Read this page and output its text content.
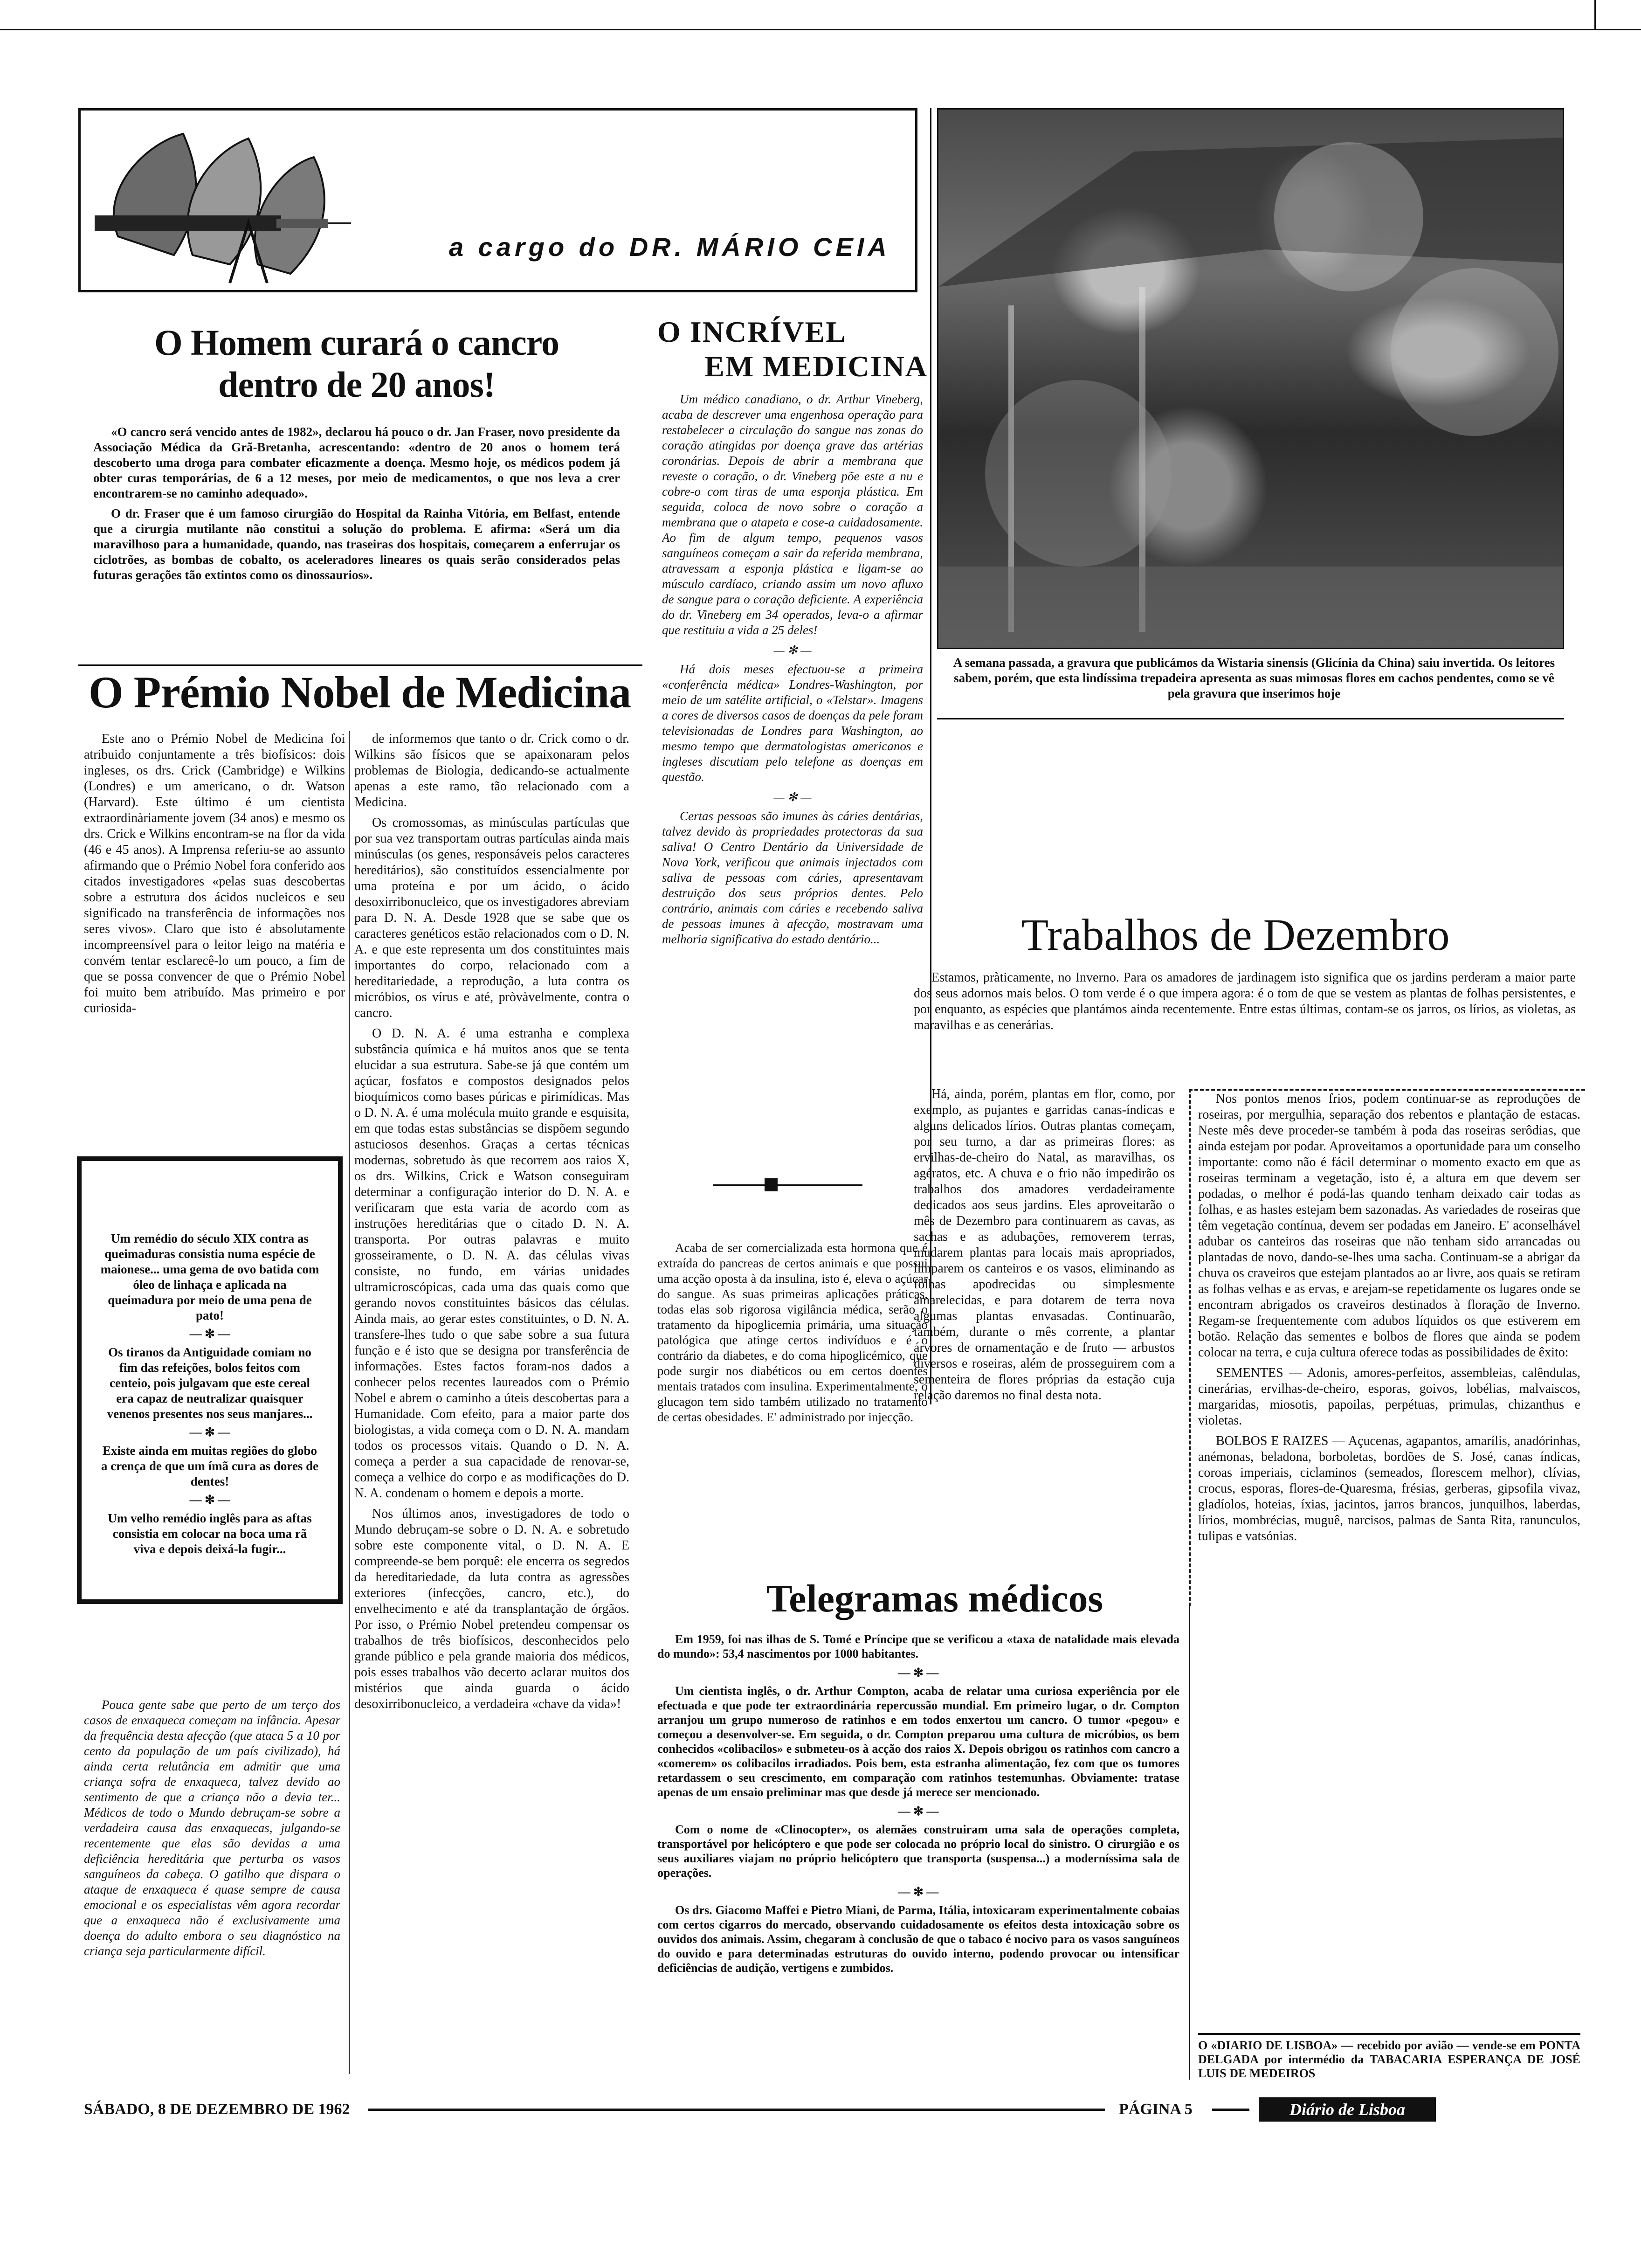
a cargo do DR. MÁRIO CEIA
O Homem curará o cancro
dentro de 20 anos!

«O cancro será vencido antes de 1982», declarou há pouco o dr. Jan Fraser, novo presidente da Associação Médica da Grã-Bretanha, acrescentando: «dentro de 20 anos o homem terá descoberto uma droga para combater eficazmente a doença. Mesmo hoje, os médicos podem já obter curas temporárias, de 6 a 12 meses, por meio de medicamentos, o que nos leva a crer encontrarem-se no caminho adequado».

O dr. Fraser que é um famoso cirurgião do Hospital da Rainha Vitória, em Belfast, entende que a cirurgia mutilante não constitui a solução do problema. E afirma: «Será um dia maravilhoso para a humanidade, quando, nas traseiras dos hospitais, começarem a enferrujar os ciclotrões, as bombas de cobalto, os aceleradores lineares os quais serão considerados pelas futuras gerações tão extintos como os dinossaurios».

O Prémio Nobel de Medicina

Este ano o Prémio Nobel de Medicina foi atribuido conjuntamente a três biofísicos: dois ingleses, os drs. Crick (Cambridge) e Wilkins (Londres) e um americano, o dr. Watson (Harvard). Este último é um cientista extraordinàriamente jovem (34 anos) e mesmo os drs. Crick e Wilkins encontram-se na flor da vida (46 e 45 anos). A Imprensa referiu-se ao assunto afirmando que o Prémio Nobel fora conferido aos citados investigadores «pelas suas descobertas sobre a estrutura dos ácidos nucleicos e seu significado na transferência de informações nos seres vivos». Claro que isto é absolutamente incompreensível para o leitor leigo na matéria e convém tentar esclarecê-lo um pouco, a fim de que se possa convencer de que o Prémio Nobel foi muito bem atribuído. Mas primeiro e por curiosida-

de informemos que tanto o dr. Crick como o dr. Wilkins são físicos que se apaixonaram pelos problemas de Biologia, dedicando-se actualmente apenas a este ramo, tão relacionado com a Medicina.

Os cromossomas, as minúsculas partículas que por sua vez transportam outras partículas ainda mais minúsculas (os genes, responsáveis pelos caracteres hereditários), são constituídos essencialmente por uma proteína e por um ácido, o ácido desoxirribonucleico, que os investigadores abreviam para D. N. A. Desde 1928 que se sabe que os caracteres genéticos estão relacionados com o D. N. A. e que este representa um dos constituintes mais importantes do corpo, relacionado com a hereditariedade, a reprodução, a luta contra os micróbios, os vírus e até, pròvàvelmente, contra o cancro.

O D. N. A. é uma estranha e complexa substância química e há muitos anos que se tenta elucidar a sua estrutura. Sabe-se já que contém um açúcar, fosfatos e compostos designados pelos bioquímicos como bases púricas e pirimídicas. Mas o D. N. A. é uma molécula muito grande e esquisita, em que todas estas substâncias se dispõem segundo astuciosos desenhos. Graças a certas técnicas modernas, sobretudo às que recorrem aos raios X, os drs. Wilkins, Crick e Watson conseguiram determinar a configuração interior do D. N. A. e verificaram que esta varia de acordo com as instruções hereditárias que o citado D. N. A. transporta. Por outras palavras e muito grosseiramente, o D. N. A. das células vivas consiste, no fundo, em várias unidades ultramicroscópicas, cada uma das quais como que gerando novos constituintes básicos das células. Ainda mais, ao gerar estes constituintes, o D. N. A. transfere-lhes tudo o que sabe sobre a sua futura função e é isto que se designa por transferência de informações. Estes factos foram-nos dados a conhecer pelos recentes laureados com o Prémio Nobel e abrem o caminho a úteis descobertas para a Humanidade. Com efeito, para a maior parte dos biologistas, a vida começa com o D. N. A. mandam todos os processos vitais. Quando o D. N. A. começa a perder a sua capacidade de renovar-se, começa a velhice do corpo e as modificações do D. N. A. condenam o homem e depois a morte.

Nos últimos anos, investigadores de todo o Mundo debruçam-se sobre o D. N. A. e sobretudo sobre este componente vital, o D. N. A. E compreende-se bem porquê: ele encerra os segredos da hereditariedade, da luta contra as agressões exteriores (infecções, cancro, etc.), do envelhecimento e até da transplantação de órgãos. Por isso, o Prémio Nobel pretendeu compensar os trabalhos de três biofísicos, desconhecidos pelo grande público e pela grande maioria dos médicos, pois esses trabalhos vão decerto aclarar muitos dos mistérios que ainda guarda o ácido desoxirribonucleico, a verdadeira «chave da vida»!

Um remédio do século XIX contra as queimaduras consistia numa espécie de maionese... uma gema de ovo batida com óleo de linhaça e aplicada na queimadura por meio de uma pena de pato!
— ✻ —
Os tiranos da Antiguidade comiam no fim das refeições, bolos feitos com centeio, pois julgavam que este cereal era capaz de neutralizar quaisquer venenos presentes nos seus manjares...
— ✻ —
Existe ainda em muitas regiões do globo a crença de que um ímã cura as dores de dentes!
— ✻ —
Um velho remédio inglês para as aftas consistia em colocar na boca uma rã viva e depois deixá-la fugir...

Pouca gente sabe que perto de um terço dos casos de enxaqueca começam na infância. Apesar da frequência desta afecção (que ataca 5 a 10 por cento da população de um país civilizado), há ainda certa relutância em admitir que uma criança sofra de enxaqueca, talvez devido ao sentimento de que a criança não a devia ter... Médicos de todo o Mundo debruçam-se sobre a verdadeira causa das enxaquecas, julgando-se recentemente que elas são devidas a uma deficiência hereditária que perturba os vasos sanguíneos da cabeça. O gatilho que dispara o ataque de enxaqueca é quase sempre de causa emocional e os especialistas vêm agora recordar que a enxaqueca não é exclusivamente uma doença do adulto embora o seu diagnóstico na criança seja particularmente difícil.

O INCRÍVEL
EM MEDICINA

Um médico canadiano, o dr. Arthur Vineberg, acaba de descrever uma engenhosa operação para restabelecer a circulação do sangue nas zonas do coração atingidas por doença grave das artérias coronárias. Depois de abrir a membrana que reveste o coração, o dr. Vineberg põe este a nu e cobre-o com tiras de uma esponja plástica. Em seguida, coloca de novo sobre o coração a membrana que o atapeta e cose-a cuidadosamente. Ao fim de algum tempo, pequenos vasos sanguíneos começam a sair da referida membrana, atravessam a esponja plástica e ligam-se ao músculo cardíaco, criando assim um novo afluxo de sangue para o coração deficiente. A experiência do dr. Vineberg em 34 operados, leva-o a afirmar que restituiu a vida a 25 deles!

— ✻ —

Há dois meses efectuou-se a primeira «conferência médica» Londres-Washington, por meio de um satélite artificial, o «Telstar». Imagens a cores de diversos casos de doenças da pele foram televisionadas de Londres para Washington, ao mesmo tempo que dermatologistas americanos e ingleses discutiam pelo telefone as doenças em questão.

— ✻ —

Certas pessoas são imunes às cáries dentárias, talvez devido às propriedades protectoras da sua saliva! O Centro Dentário da Universidade de Nova York, verificou que animais injectados com saliva de pessoas com cáries, apresentavam destruição dos seus próprios dentes. Pelo contrário, animais com cáries e recebendo saliva de pessoas imunes à afecção, mostravam uma melhoria significativa do estado dentário...

Acaba de ser comercializada esta hormona que é extraída do pancreas de certos animais e que possui uma acção oposta à da insulina, isto é, eleva o açúcar do sangue. As suas primeiras aplicações práticas, todas elas sob rigorosa vigilância médica, serão o tratamento da hipoglicemia primária, uma situação patológica que atinge certos indivíduos e é o contrário da diabetes, e do coma hipoglicémico, que pode surgir nos diabéticos ou em certos doentes mentais tratados com insulina. Experimentalmente, o glucagon tem sido também utilizado no tratamento de certas obesidades. E' administrado por injecção.

A semana passada, a gravura que publicámos da Wistaria sinensis (Glicínia da China) saiu invertida. Os leitores sabem, porém, que esta lindíssima trepadeira apresenta as suas mimosas flores em cachos pendentes, como se vê pela gravura que inserimos hoje
Trabalhos de Dezembro

Estamos, pràticamente, no Inverno. Para os amadores de jardinagem isto significa que os jardins perderam a maior parte dos seus adornos mais belos. O tom verde é o que impera agora: é o tom de que se vestem as plantas de folhas persistentes, e por enquanto, as espécies que plantámos ainda recentemente. Entre estas últimas, contam-se os jarros, os lírios, as violetas, as maravilhas e as cenerárias.

Há, ainda, porém, plantas em flor, como, por exemplo, as pujantes e garridas canas-índicas e alguns delicados lírios. Outras plantas começam, por seu turno, a dar as primeiras flores: as ervilhas-de-cheiro do Natal, as maravilhas, os agératos, etc. A chuva e o frio não impedirão os trabalhos dos amadores verdadeiramente dedicados aos seus jardins. Eles aproveitarão o mês de Dezembro para continuarem as cavas, as sachas e as adubações, removerem terras, mudarem plantas para locais mais apropriados, limparem os canteiros e os vasos, eliminando as folhas apodrecidas ou simplesmente amarelecidas, e para dotarem de terra nova algumas plantas envasadas. Continuarão, também, durante o mês corrente, a plantar árvores de ornamentação e de fruto — arbustos diversos e roseiras, além de prosseguirem com a sementeira de flores próprias da estação cuja relação daremos no final desta nota.

Nos pontos menos frios, podem continuar-se as reproduções de roseiras, por mergulhia, separação dos rebentos e plantação de estacas. Neste mês deve proceder-se também à poda das roseiras serôdias, que ainda estejam por podar. Aproveitamos a oportunidade para um conselho importante: como não é fácil determinar o momento exacto em que as roseiras terminam a vegetação, isto é, a altura em que devem ser podadas, o melhor é podá-las quando tenham deixado cair todas as folhas, e as hastes estejam bem sazonadas. As variedades de roseiras que têm vegetação contínua, devem ser podadas em Janeiro. E' aconselhável adubar os canteiros das roseiras que não tenham sido arrancadas ou plantadas de novo, dando-se-lhes uma sacha. Continuam-se a abrigar da chuva os craveiros que estejam plantados ao ar livre, aos quais se retiram as folhas velhas e as ervas, e arejam-se repetidamente os lugares onde se encontram abrigados os craveiros destinados à floração de Inverno. Regam-se frequentemente com adubos líquidos os que estiverem em botão. Relação das sementes e bolbos de flores que ainda se podem colocar na terra, e cuja cultura oferece todas as possibilidades de êxito:

SEMENTES — Adonis, amores-perfeitos, assembleias, calêndulas, cinerárias, ervilhas-de-cheiro, esporas, goivos, lobélias, malvaiscos, margaridas, miosotis, papoilas, perpétuas, primulas, chizanthus e violetas.

BOLBOS E RAIZES — Açucenas, agapantos, amarílis, anadórinhas, anémonas, beladona, borboletas, bordões de S. José, canas índicas, coroas imperiais, ciclaminos (semeados, florescem melhor), clívias, crocus, esporas, flores-de-Quaresma, frésias, gerberas, gipsofila vivaz, gladíolos, hoteias, íxias, jacintos, jarros brancos, junquilhos, laberdas, lírios, mombrécias, muguê, narcisos, palmas de Santa Rita, ranunculos, tulipas e vatsónias.

Telegramas médicos

Em 1959, foi nas ilhas de S. Tomé e Príncipe que se verificou a «taxa de natalidade mais elevada do mundo»: 53,4 nascimentos por 1000 habitantes.

— ✻ —

Um cientista inglês, o dr. Arthur Compton, acaba de relatar uma curiosa experiência por ele efectuada e que pode ter extraordinária repercussão mundial. Em primeiro lugar, o dr. Compton arranjou um grupo numeroso de ratinhos e em todos enxertou um cancro. O tumor «pegou» e começou a desenvolver-se. Em seguida, o dr. Compton preparou uma cultura de micróbios, os bem conhecidos «colibacilos» e submeteu-os à acção dos raios X. Depois obrigou os ratinhos com cancro a «comerem» os colibacilos irradiados. Pois bem, esta estranha alimentação, fez com que os tumores retardassem o seu crescimento, em comparação com ratinhos testemunhas. Obviamente: tratase apenas de um ensaio preliminar mas que desde já merece ser mencionado.

— ✻ —

Com o nome de «Clinocopter», os alemães construiram uma sala de operações completa, transportável por helicóptero e que pode ser colocada no próprio local do sinistro. O cirurgião e os seus auxiliares viajam no próprio helicóptero que transporta (suspensa...) a moderníssima sala de operações.

— ✻ —

Os drs. Giacomo Maffei e Pietro Miani, de Parma, Itália, intoxicaram experimentalmente cobaias com certos cigarros do mercado, observando cuidadosamente os efeitos desta intoxicação sobre os ouvidos dos animais. Assim, chegaram à conclusão de que o tabaco é nocivo para os vasos sanguíneos do ouvido e para determinadas estruturas do ouvido interno, podendo provocar ou intensificar deficiências de audição, vertigens e zumbidos.

O «DIARIO DE LISBOA» — recebido por avião — vende-se em PONTA DELGADA por intermédio da TABACARIA ESPERANÇA DE JOSÉ LUIS DE MEDEIROS
SÁBADO, 8 DE DEZEMBRO DE 1962	PÁGINA 5	Diário de Lisboa
